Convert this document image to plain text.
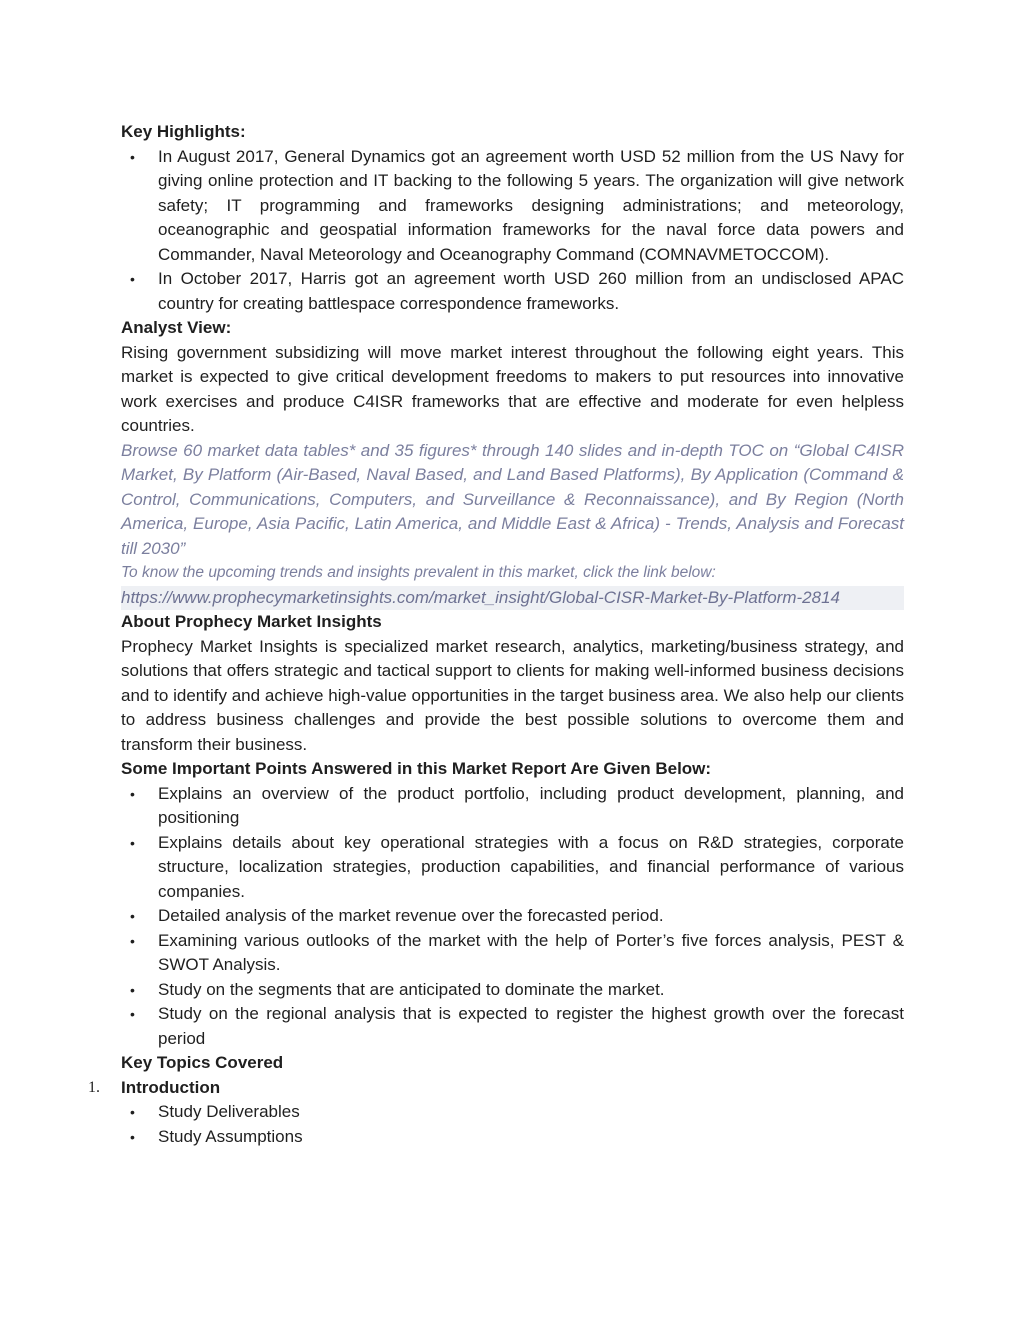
Key Highlights:

• In August 2017, General Dynamics got an agreement worth USD 52 million from the US Navy for giving online protection and IT backing to the following 5 years. The organization will give network safety; IT programming and frameworks designing administrations; and meteorology, oceanographic and geospatial information frameworks for the naval force data powers and Commander, Naval Meteorology and Oceanography Command (COMNAVMETOCCOM).
• In October 2017, Harris got an agreement worth USD 260 million from an undisclosed APAC country for creating battlespace correspondence frameworks.

Analyst View:

Rising government subsidizing will move market interest throughout the following eight years. This market is expected to give critical development freedoms to makers to put resources into innovative work exercises and produce C4ISR frameworks that are effective and moderate for even helpless countries.

Browse 60 market data tables* and 35 figures* through 140 slides and in-depth TOC on “Global C4ISR Market, By Platform (Air-Based, Naval Based, and Land Based Platforms), By Application (Command & Control, Communications, Computers, and Surveillance & Reconnaissance), and By Region (North America, Europe, Asia Pacific, Latin America, and Middle East & Africa) - Trends, Analysis and Forecast till 2030”

To know the upcoming trends and insights prevalent in this market, click the link below:

https://www.prophecymarketinsights.com/market_insight/Global-CISR-Market-By-Platform-2814

About Prophecy Market Insights

Prophecy Market Insights is specialized market research, analytics, marketing/business strategy, and solutions that offers strategic and tactical support to clients for making well-informed business decisions and to identify and achieve high-value opportunities in the target business area. We also help our clients to address business challenges and provide the best possible solutions to overcome them and transform their business.

Some Important Points Answered in this Market Report Are Given Below:

• Explains an overview of the product portfolio, including product development, planning, and positioning
• Explains details about key operational strategies with a focus on R&D strategies, corporate structure, localization strategies, production capabilities, and financial performance of various companies.
• Detailed analysis of the market revenue over the forecasted period.
• Examining various outlooks of the market with the help of Porter’s five forces analysis, PEST & SWOT Analysis.
• Study on the segments that are anticipated to dominate the market.
• Study on the regional analysis that is expected to register the highest growth over the forecast period

Key Topics Covered

1. Introduction

• Study Deliverables
• Study Assumptions
